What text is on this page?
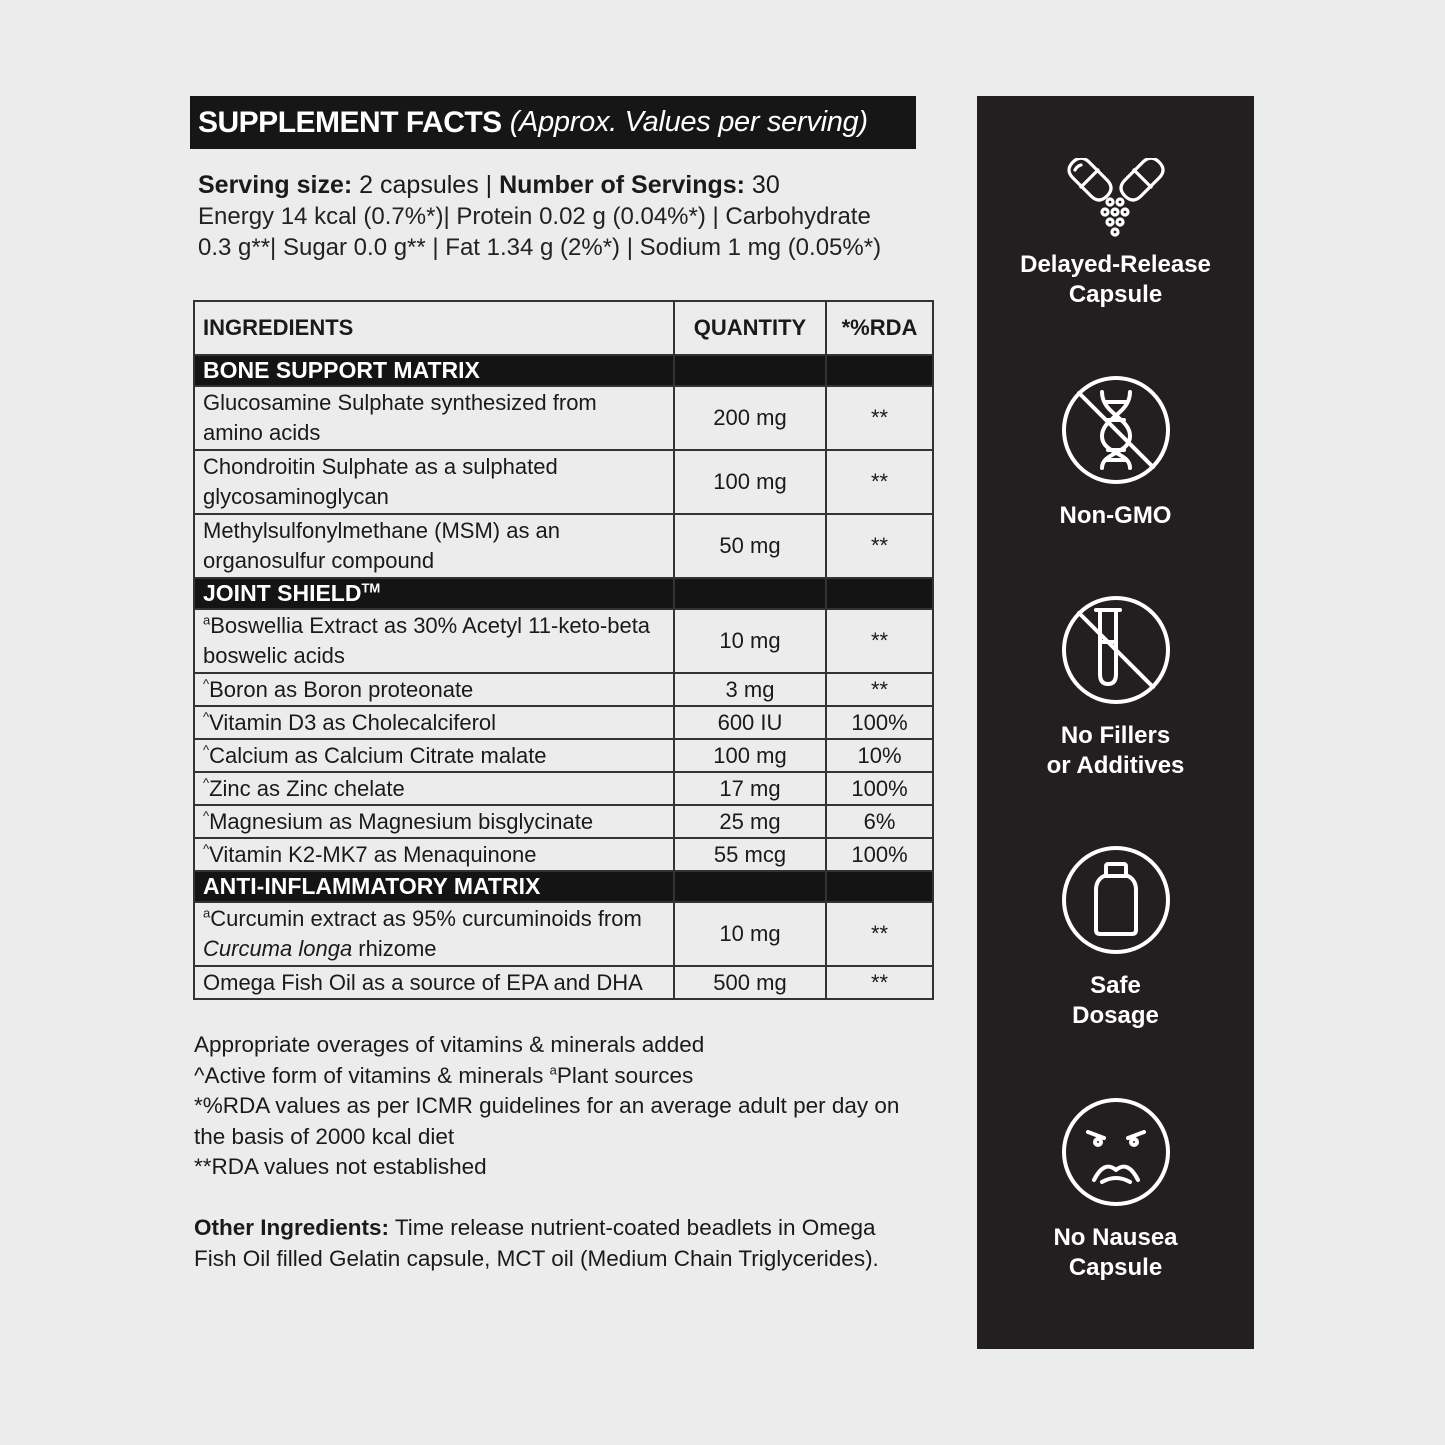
SUPPLEMENT FACTS (Approx. Values per serving)
Serving size: 2 capsules | Number of Servings: 30
Energy 14 kcal (0.7%*)| Protein 0.02 g (0.04%*) | Carbohydrate
0.3 g**| Sugar 0.0 g** | Fat 1.34 g (2%*) | Sodium 1 mg (0.05%*)
INGREDIENTS	QUANTITY	*%RDA
BONE SUPPORT MATRIX		
Glucosamine Sulphate synthesized from
amino acids	200 mg	**
Chondroitin Sulphate as a sulphated
glycosaminoglycan	100 mg	**
Methylsulfonylmethane (MSM) as an
organosulfur compound	50 mg	**
JOINT SHIELD™		
$^a$Boswellia Extract as 30% Acetyl 11-keto-beta
boswelic acids	10 mg	**
^Boron as Boron proteonate	3 mg	**
^Vitamin D3 as Cholecalciferol	600 IU	100%
^Calcium as Calcium Citrate malate	100 mg	10%
^Zinc as Zinc chelate	17 mg	100%
^Magnesium as Magnesium bisglycinate	25 mg	6%
^Vitamin K2-MK7 as Menaquinone	55 mcg	100%
ANTI-INFLAMMATORY MATRIX		
$^a$Curcumin extract as 95% curcuminoids from
Curcuma longa rhizome	10 mg	**
Omega Fish Oil as a source of EPA and DHA	500 mg	**
Appropriate overages of vitamins & minerals added
^Active form of vitamins & minerals $^a$Plant sources
*%RDA values as per ICMR guidelines for an average adult per day on
the basis of 2000 kcal diet
**RDA values not established
Other Ingredients: Time release nutrient-coated beadlets in Omega Fish Oil filled Gelatin capsule, MCT oil (Medium Chain Triglycerides).
Delayed-Release
Capsule
Non-GMO
No Fillers
or Additives
Safe
Dosage
No Nausea
Capsule
